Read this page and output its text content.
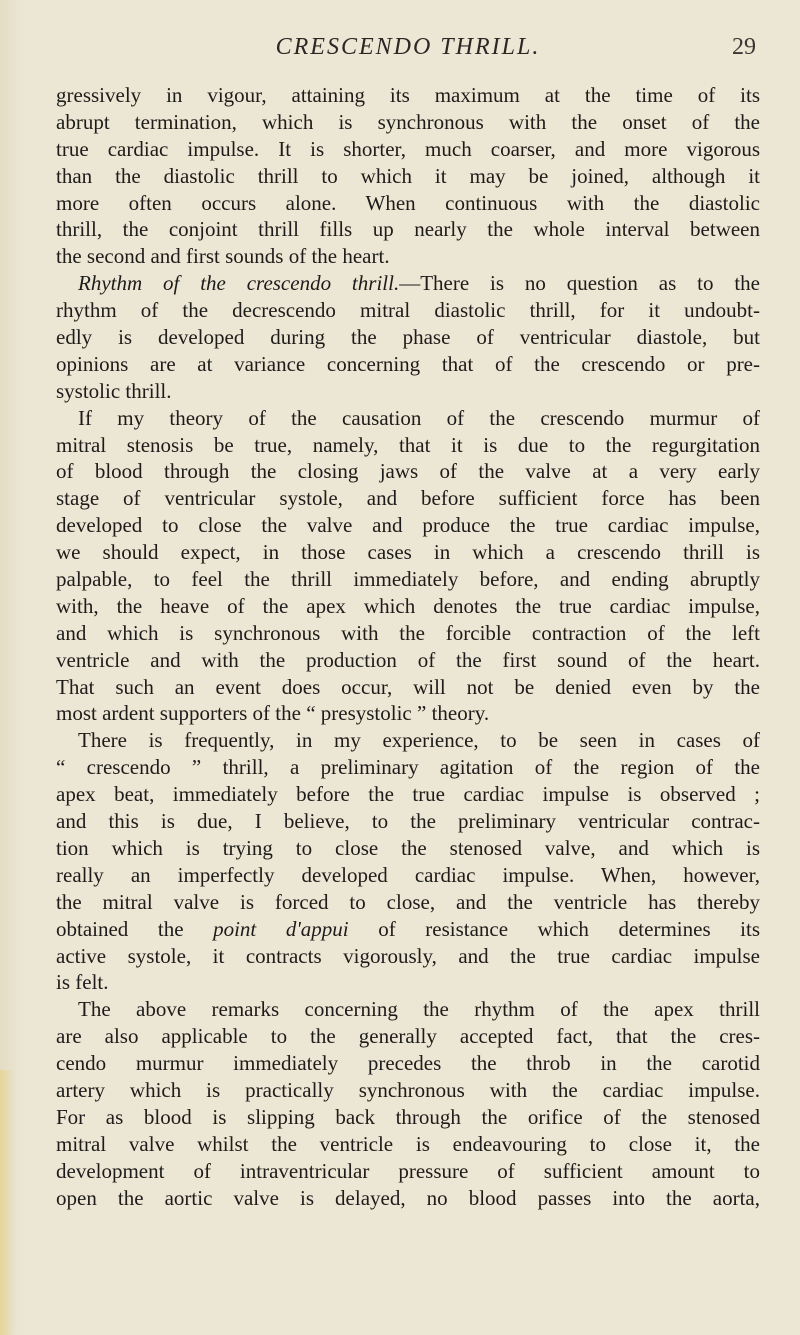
CRESCENDO THRILL.	29
gressively in vigour, attaining its maximum at the time of its
abrupt termination, which is synchronous with the onset of the
true cardiac impulse. It is shorter, much coarser, and more vigorous
than the diastolic thrill to which it may be joined, although it
more often occurs alone. When continuous with the diastolic
thrill, the conjoint thrill fills up nearly the whole interval between
the second and first sounds of the heart.
Rhythm of the crescendo thrill.—There is no question as to the
rhythm of the decrescendo mitral diastolic thrill, for it undoubt-
edly is developed during the phase of ventricular diastole, but
opinions are at variance concerning that of the crescendo or pre-
systolic thrill.
If my theory of the causation of the crescendo murmur of
mitral stenosis be true, namely, that it is due to the regurgitation
of blood through the closing jaws of the valve at a very early
stage of ventricular systole, and before sufficient force has been
developed to close the valve and produce the true cardiac impulse,
we should expect, in those cases in which a crescendo thrill is
palpable, to feel the thrill immediately before, and ending abruptly
with, the heave of the apex which denotes the true cardiac impulse,
and which is synchronous with the forcible contraction of the left
ventricle and with the production of the first sound of the heart.
That such an event does occur, will not be denied even by the
most ardent supporters of the “ presystolic ” theory.
There is frequently, in my experience, to be seen in cases of
“ crescendo ” thrill, a preliminary agitation of the region of the
apex beat, immediately before the true cardiac impulse is observed ;
and this is due, I believe, to the preliminary ventricular contrac-
tion which is trying to close the stenosed valve, and which is
really an imperfectly developed cardiac impulse. When, however,
the mitral valve is forced to close, and the ventricle has thereby
obtained the point d'appui of resistance which determines its
active systole, it contracts vigorously, and the true cardiac impulse
is felt.
The above remarks concerning the rhythm of the apex thrill
are also applicable to the generally accepted fact, that the cres-
cendo murmur immediately precedes the throb in the carotid
artery which is practically synchronous with the cardiac impulse.
For as blood is slipping back through the orifice of the stenosed
mitral valve whilst the ventricle is endeavouring to close it, the
development of intraventricular pressure of sufficient amount to
open the aortic valve is delayed, no blood passes into the aorta,
